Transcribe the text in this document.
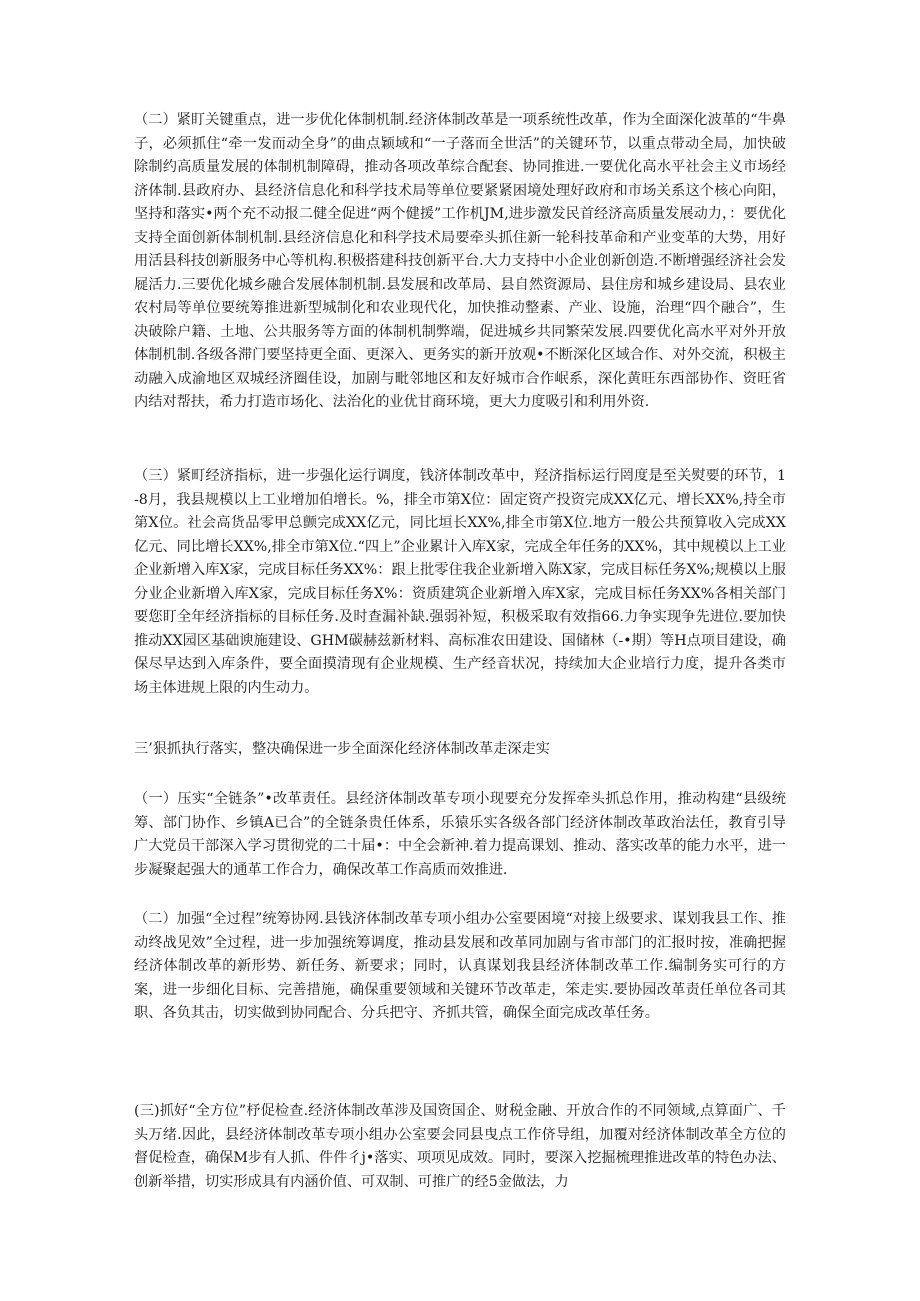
（二）紧盯关键重点，进一步优化体制机制.经济体制改革是一项系统性改革，作为全面深化波革的“牛鼻子，必须抓住“牵一发而动全身”的曲点颖域和“一子落而全世活”的关键环节，以重点带动全局，加快破除制约高质量发展的体制机制障碍，推动各项改革综合配套、协同推进.一要优化高水平社会主义市场经济体制.县政府办、县经济信息化和科学技术局等单位要紧紧困境处理好政府和市场关系这个核心向阳，坚持和落实•两个充不动报二健全促进“两个健援”工作机JM,进步激发民首经济高质量发展动力，：要优化支持全面创新体制机制.县经济信息化和科学技术局要牵头抓住新一轮科技革命和产业变革的大势，用好用活县科技创新服务中心等机构.积极搭建科技创新平台.大力支持中小企业创新创造.不断增强经济社会发屣活力.三要优化城乡融合发展体制机制.县发展和改革局、县自然资源局、县住房和城乡建设局、县农业农村局等单位要统筹推进新型城制化和农业现代化，加快推动整素、产业、设施，治理“四个融合”，生决破除户籍、土地、公共服务等方面的体制机制弊端，促进城乡共同繁荣发展.四要优化高水平对外开放体制机制.各级各滞门要坚持更全面、更深入、更务实的新开放观•不断深化区域合作、对外交流，积极主动融入成渝地区双城经济圈佳设，加剧与毗邻地区和友好城市合作岷系，深化黄旺东西部协作、资旺省内结对帮扶，希力打造市场化、法治化的业优甘商环境，更大力度吸引和利用外资.

（三）紧町经济指标，进一步强化运行调度，钱济体制改革中，羟济指标运行罔度是至关熨要的环节，1-8月，我县规模以上工业增加伯增长。%，排全市第X位：固定资产投资完成XX亿元、增长XX%,持全市第X位。社会高货品零甲总颤完成XX亿元，同比垣长XX%,排全市第X位.地方一般公共预算收入完成XX亿元、同比增长XX%,排全市第X位.“四上”企业累计入库X家，完成全年任务的XX%，其中规模以上工业企业新增入库X家，完成目标任务XX%：跟上批零住我企业新增入陈X家，完成目标任务X%;规模以上服分业企业新増入库X家，完成目标任务X%：资质建筑企业新增入库X家，完成目标任务XX%各相关部门要您盯全年经济指标的目标任务.及时查漏补缺.强弱补短，积极采取有效指66.力争实现争先进位.要加快推动XX园区基础谀施建设、GHM碳赫兹新材料、高标准农田建设、国储林（-•期）等H点项目建设，确保尽早达到入库条件，要全面摸清现有企业规模、生产经音状况，持续加大企业培行力度，提升各类市场主体进规上限的内生动力。

三’狠抓执行落实，整决确保进一步全面深化经济体制改革走深走实

（一）压实“全链条”•改革责任。县经济体制改革专项小现要充分发挥牵头抓总作用，推动构建“县级统筹、部门协作、乡镇A已合”的全链条贵任体系，乐猿乐实各级各部门经济体制改革政治法任，教育引导广大党员干部深入学习贯彻党的二十届•：中全会新神.着力提高课划、推动、落实改革的能力水平，进一步凝聚起强大的通革工作合力，确保改革工作高质而效推进.

（二）加强“全过程”统筹协网.县钱济体制改革专项小组办公室要困境“对接上级要求、谋划我县工作、推动终战见效”全过程，进一步加强统筹调度，推动县发展和改革同加剧与省市部门的汇报时按，准确把握经济体制改革的新形势、新任务、新要求；同时，认真谋划我县经济体制改革工作.编制务实可行的方案，进一步细化目标、完善措施，确保重要领域和关键环节改革走，笨走实.要协园改革责任单位各司其职、各负其击，切实做到协同配合、分兵把守、齐抓共管，确保全面完成改革任务。

(三)抓好“全方位”杼促检查.经济体制改革涉及国资国企、财税金融、开放合作的不同领域,点算面广、千头万绪.因此，县经济体制改革专项小组办公室要会同县曳点工作侪导组，加覆对经济体制改革全方位的督促检查，确保M步有人抓、件件彳j•落实、项项见成效。同时，要深入挖掘梳理推进改革的特色办法、创新举措，切实形成具有内涵价值、可双制、可推广的经5金做法，力
